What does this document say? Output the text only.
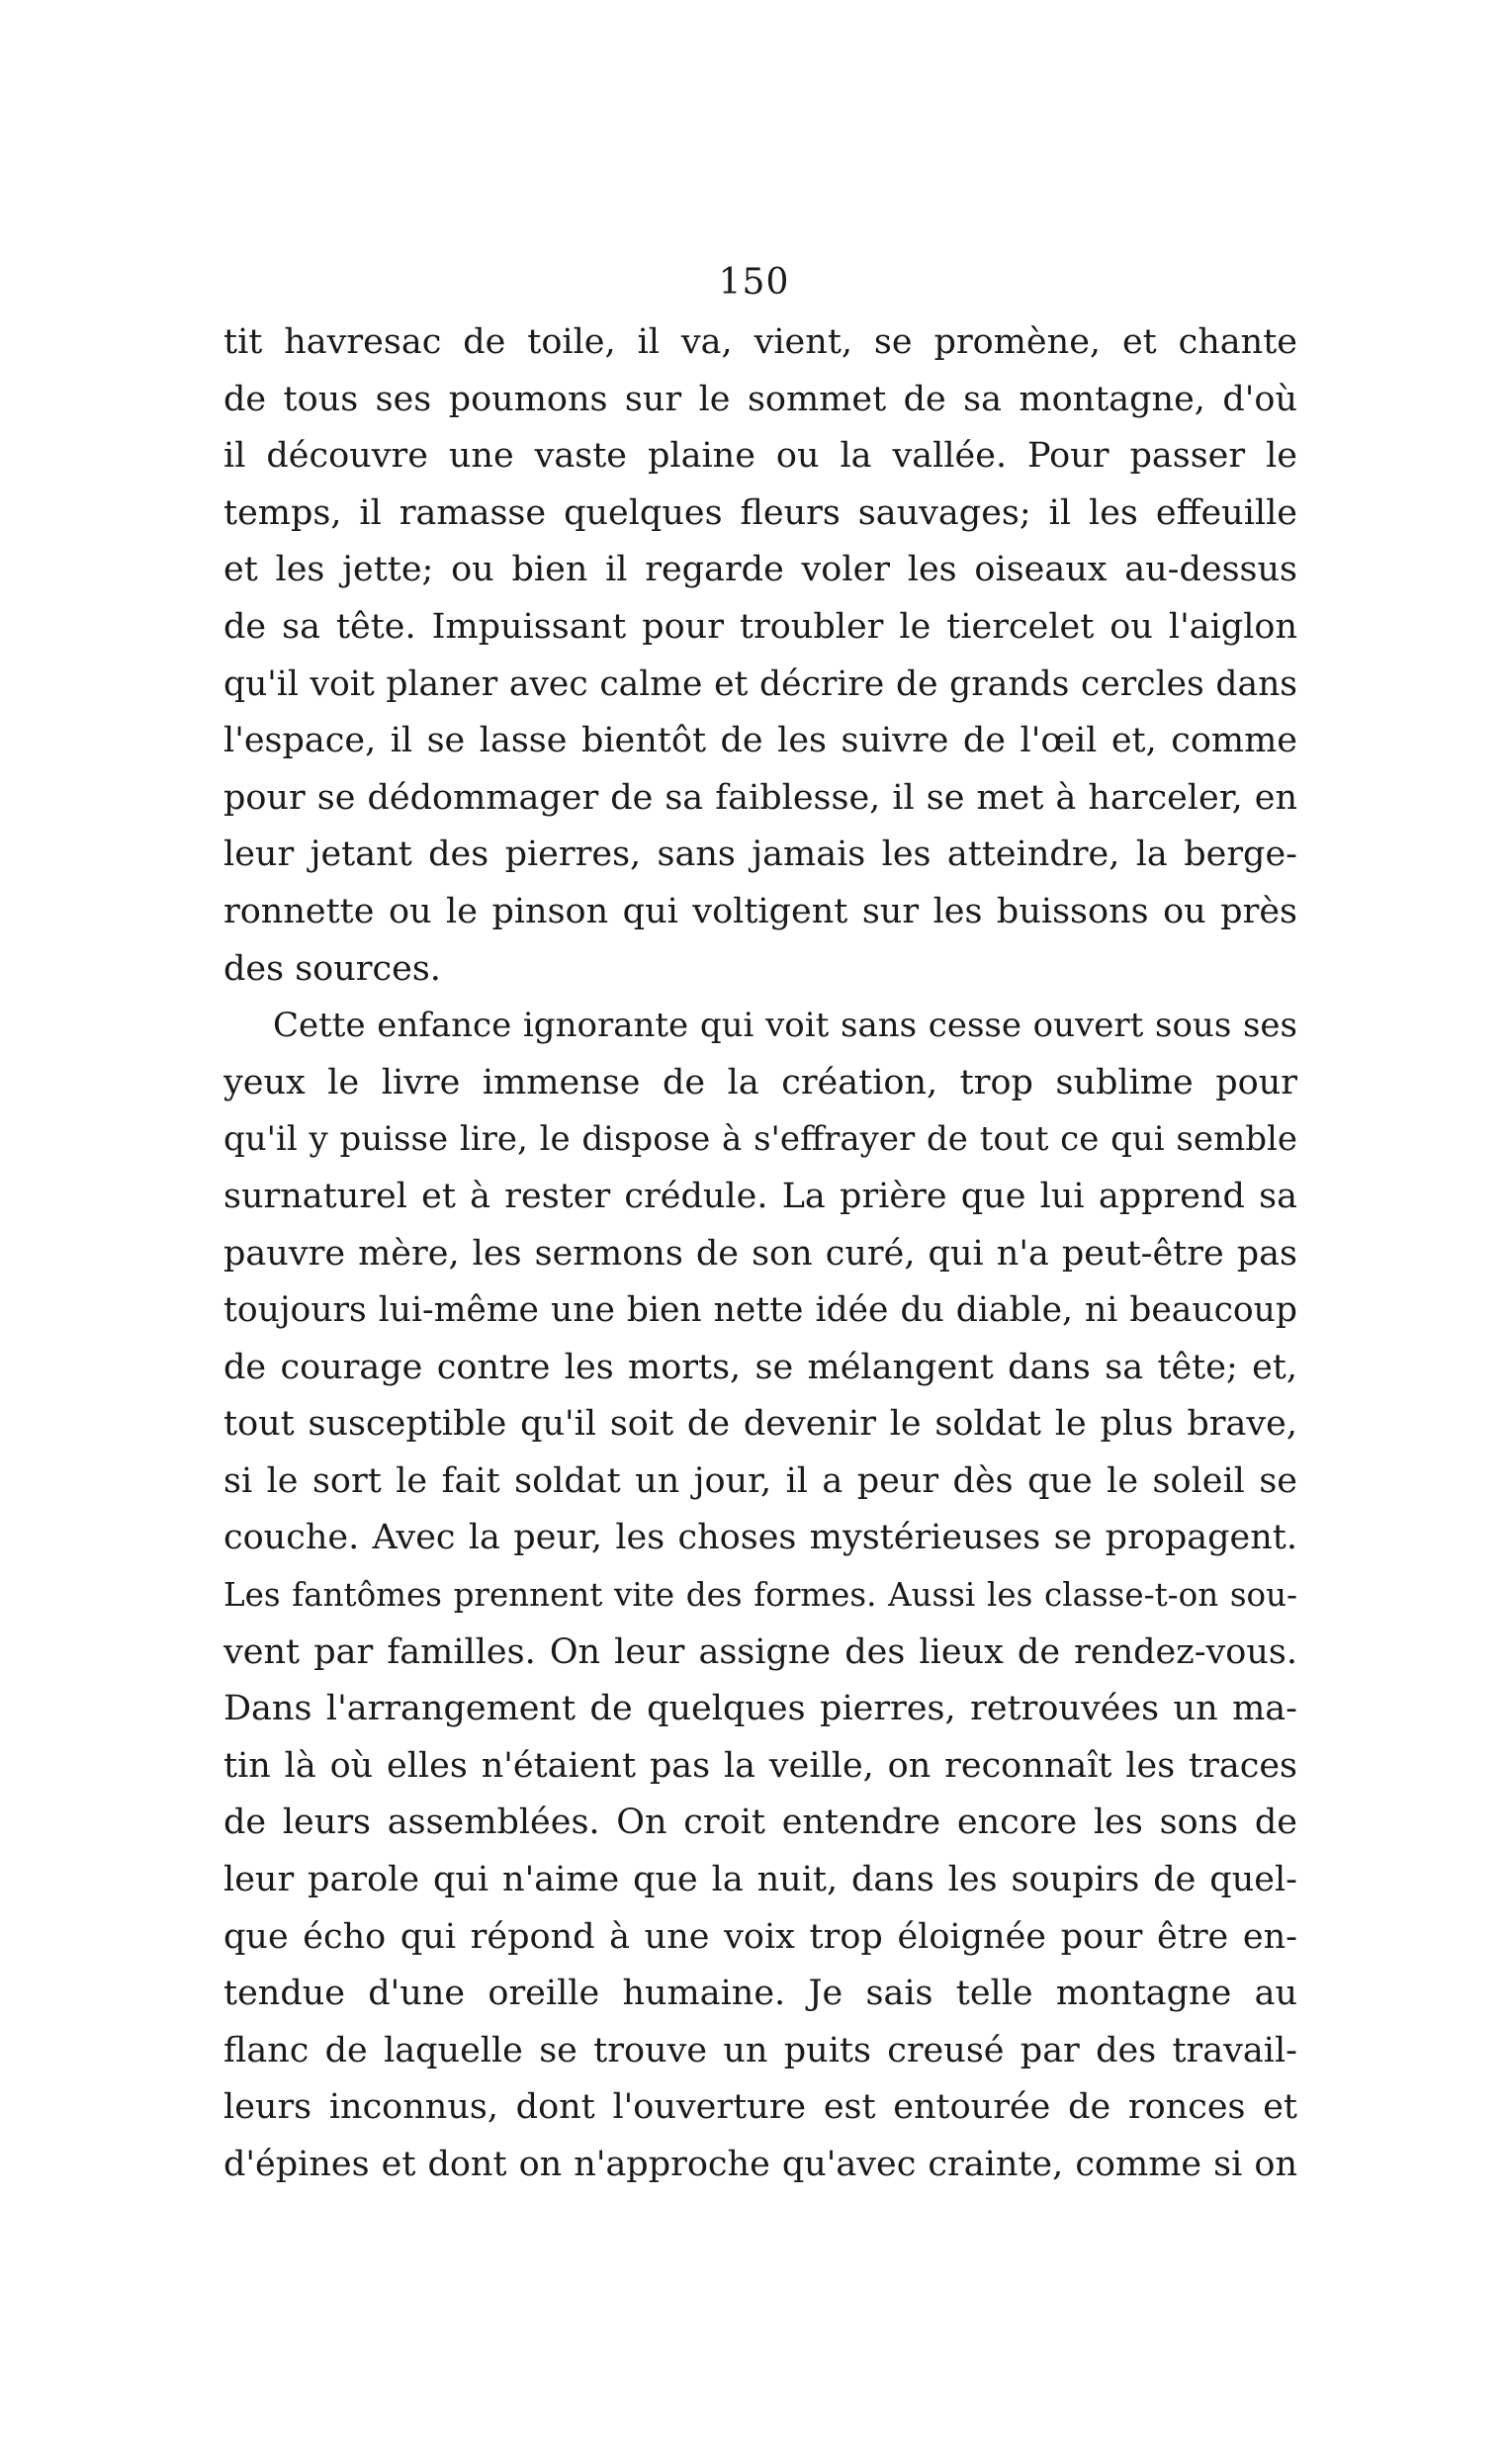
150
tit havresac de toile, il va, vient, se promène, et chante
de tous ses poumons sur le sommet de sa montagne, d'où
il découvre une vaste plaine ou la vallée. Pour passer le
temps, il ramasse quelques fleurs sauvages; il les effeuille
et les jette; ou bien il regarde voler les oiseaux au-dessus
de sa tête. Impuissant pour troubler le tiercelet ou l'aiglon
qu'il voit planer avec calme et décrire de grands cercles dans
l'espace, il se lasse bientôt de les suivre de l'œil et, comme
pour se dédommager de sa faiblesse, il se met à harceler, en
leur jetant des pierres, sans jamais les atteindre, la berge-
ronnette ou le pinson qui voltigent sur les buissons ou près
des sources.
Cette enfance ignorante qui voit sans cesse ouvert sous ses
yeux le livre immense de la création, trop sublime pour
qu'il y puisse lire, le dispose à s'effrayer de tout ce qui semble
surnaturel et à rester crédule. La prière que lui apprend sa
pauvre mère, les sermons de son curé, qui n'a peut-être pas
toujours lui-même une bien nette idée du diable, ni beaucoup
de courage contre les morts, se mélangent dans sa tête; et,
tout susceptible qu'il soit de devenir le soldat le plus brave,
si le sort le fait soldat un jour, il a peur dès que le soleil se
couche. Avec la peur, les choses mystérieuses se propagent.
Les fantômes prennent vite des formes. Aussi les classe-t-on sou-
vent par familles. On leur assigne des lieux de rendez-vous.
Dans l'arrangement de quelques pierres, retrouvées un ma-
tin là où elles n'étaient pas la veille, on reconnaît les traces
de leurs assemblées. On croit entendre encore les sons de
leur parole qui n'aime que la nuit, dans les soupirs de quel-
que écho qui répond à une voix trop éloignée pour être en-
tendue d'une oreille humaine. Je sais telle montagne au
flanc de laquelle se trouve un puits creusé par des travail-
leurs inconnus, dont l'ouverture est entourée de ronces et
d'épines et dont on n'approche qu'avec crainte, comme si on
